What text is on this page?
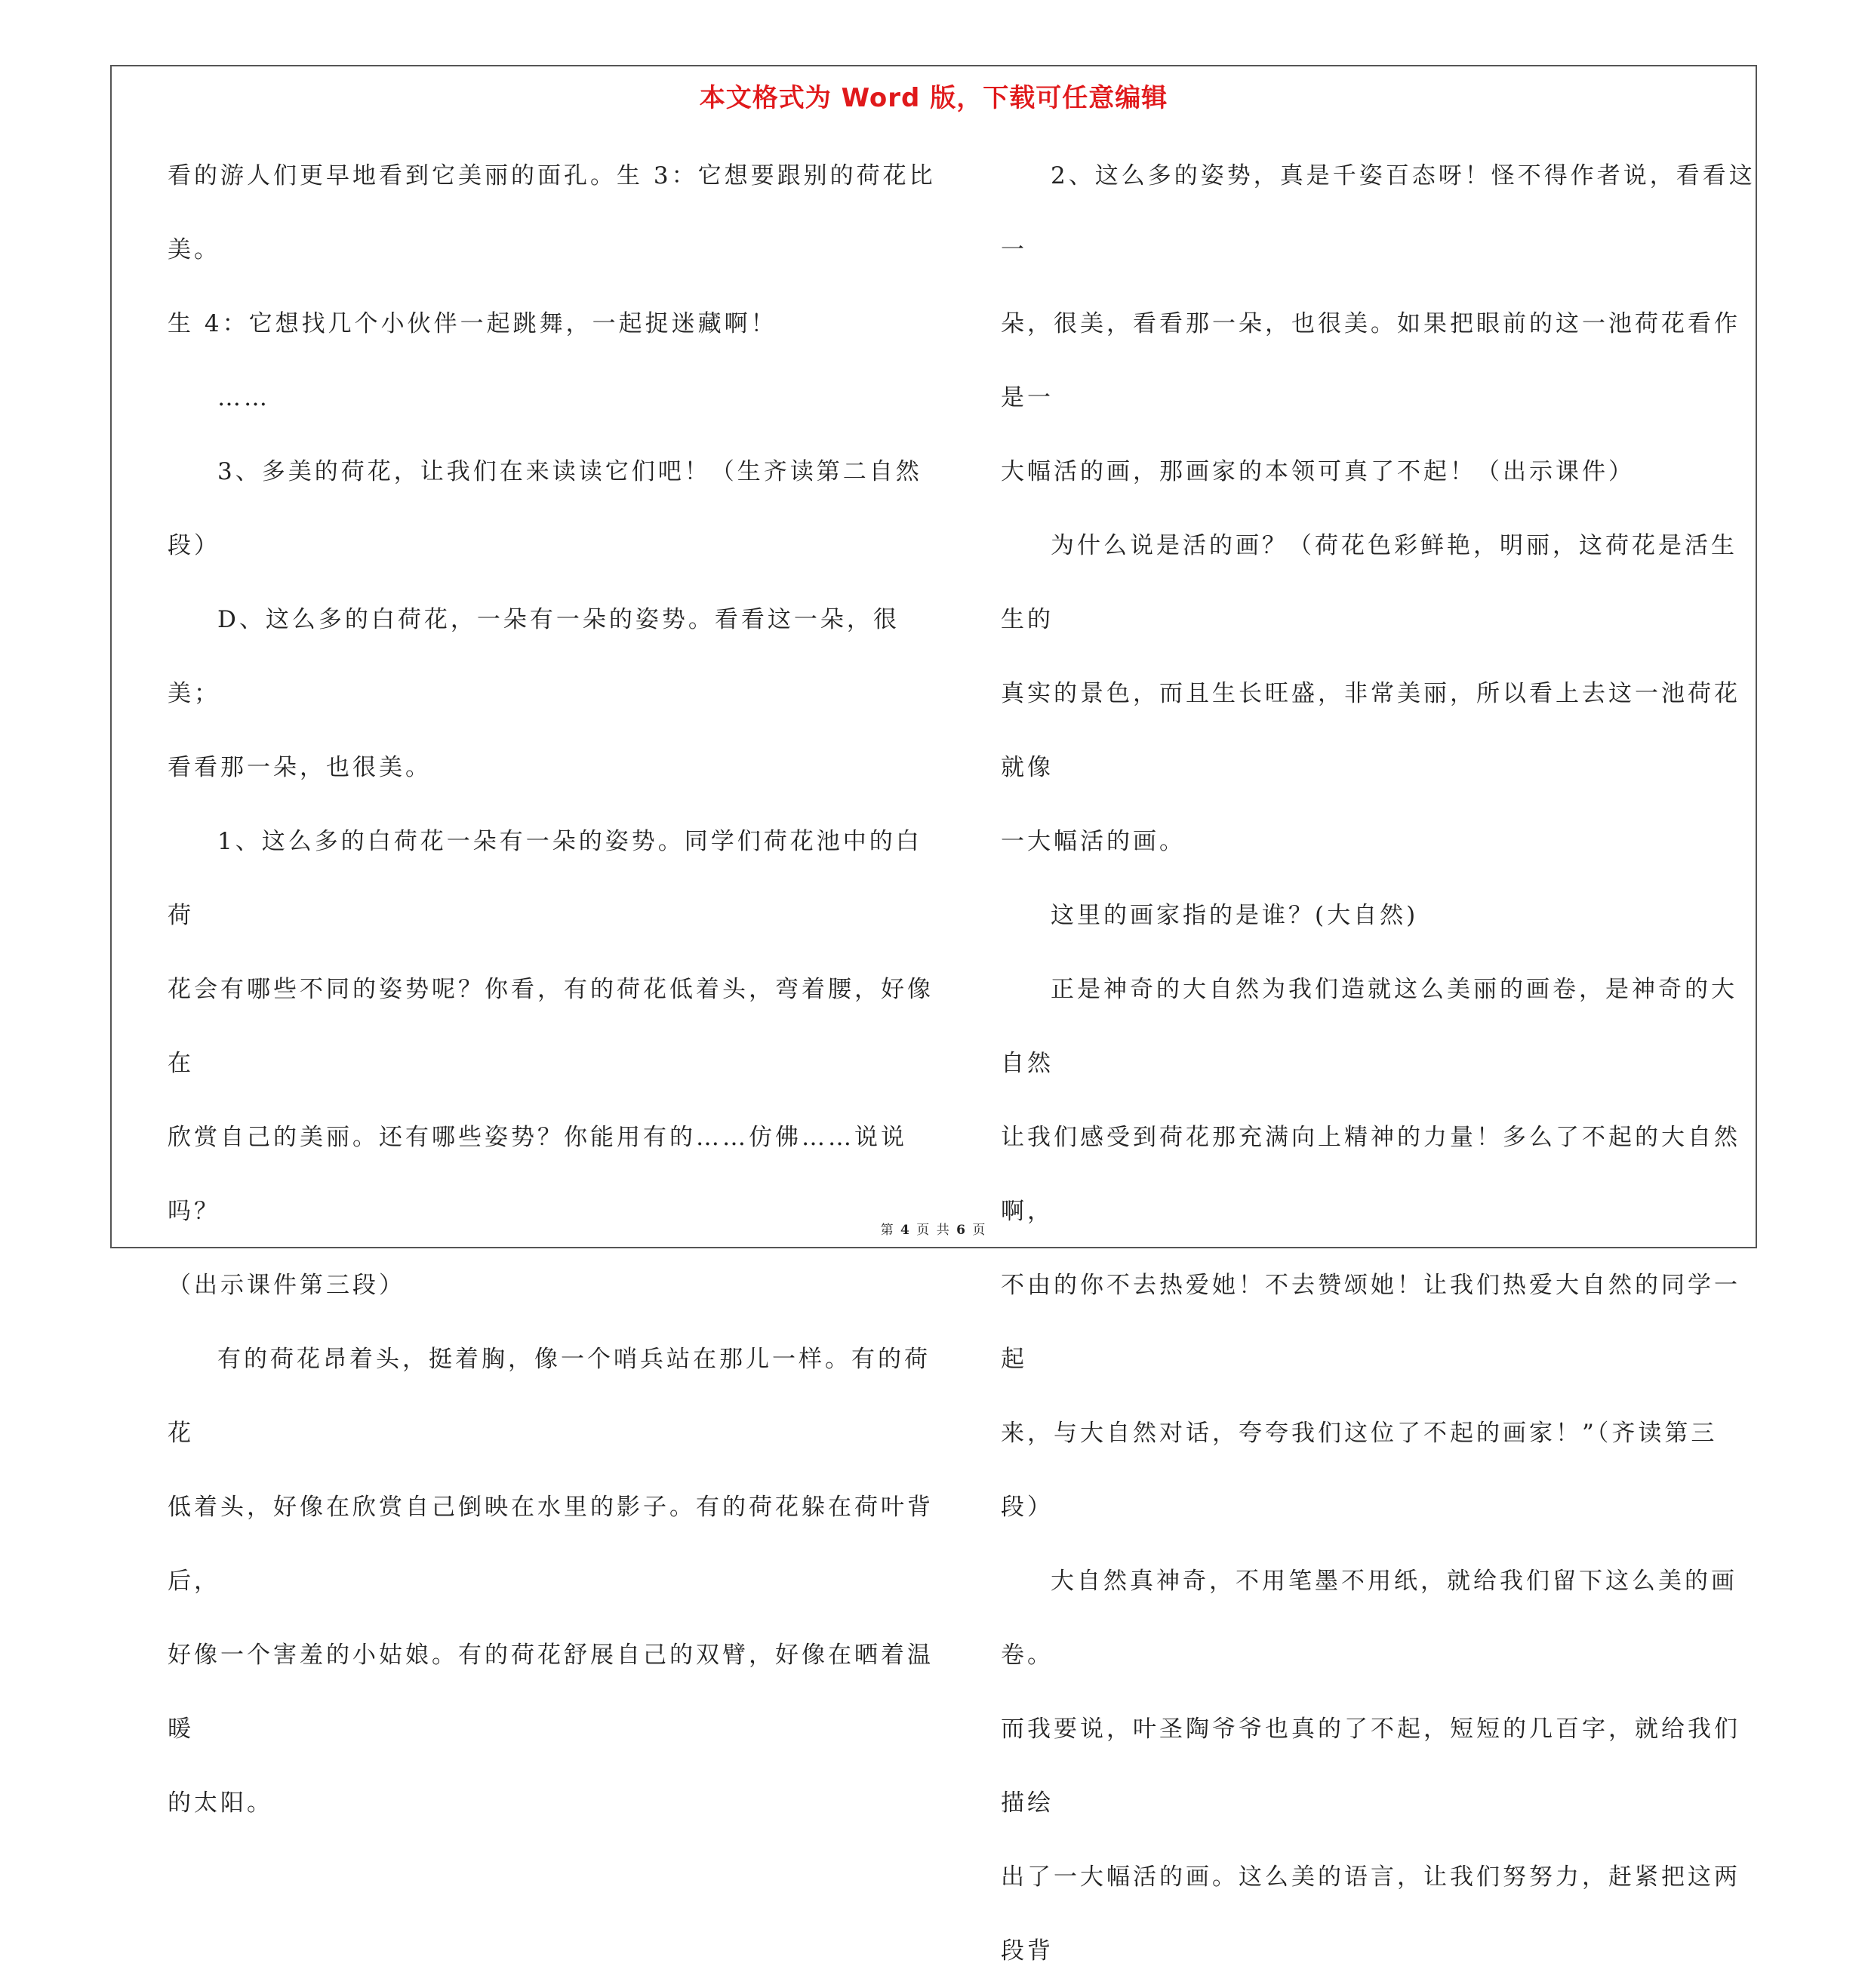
本文格式为 Word 版，下载可任意编辑

看的游人们更早地看到它美丽的面孔。生 3：它想要跟别的荷花比美。

生 4：它想找几个小伙伴一起跳舞，一起捉迷藏啊！

……

3、多美的荷花，让我们在来读读它们吧！（生齐读第二自然段）

D、这么多的白荷花，一朵有一朵的姿势。看看这一朵，很美；

看看那一朵，也很美。

1、这么多的白荷花一朵有一朵的姿势。同学们荷花池中的白荷

花会有哪些不同的姿势呢？你看，有的荷花低着头，弯着腰，好像在

欣赏自己的美丽。还有哪些姿势？你能用有的……仿佛……说说吗？

（出示课件第三段）

有的荷花昂着头，挺着胸，像一个哨兵站在那儿一样。有的荷花

低着头，好像在欣赏自己倒映在水里的影子。有的荷花躲在荷叶背后，

好像一个害羞的小姑娘。有的荷花舒展自己的双臂，好像在晒着温暖

的太阳。

2、这么多的姿势，真是千姿百态呀！怪不得作者说，看看这一

朵，很美，看看那一朵，也很美。如果把眼前的这一池荷花看作是一

大幅活的画，那画家的本领可真了不起！（出示课件）

为什么说是活的画？（荷花色彩鲜艳，明丽，这荷花是活生生的

真实的景色，而且生长旺盛，非常美丽，所以看上去这一池荷花就像

一大幅活的画。

这里的画家指的是谁？(大自然)

正是神奇的大自然为我们造就这么美丽的画卷，是神奇的大自然

让我们感受到荷花那充满向上精神的力量！多么了不起的大自然啊，

不由的你不去热爱她！不去赞颂她！让我们热爱大自然的同学一起

来，与大自然对话，夸夸我们这位了不起的画家！”（齐读第三段）

大自然真神奇，不用笔墨不用纸，就给我们留下这么美的画卷。

而我要说，叶圣陶爷爷也真的了不起，短短的几百字，就给我们描绘

出了一大幅活的画。这么美的语言，让我们努努力，赶紧把这两段背

第 4 页 共 6 页
